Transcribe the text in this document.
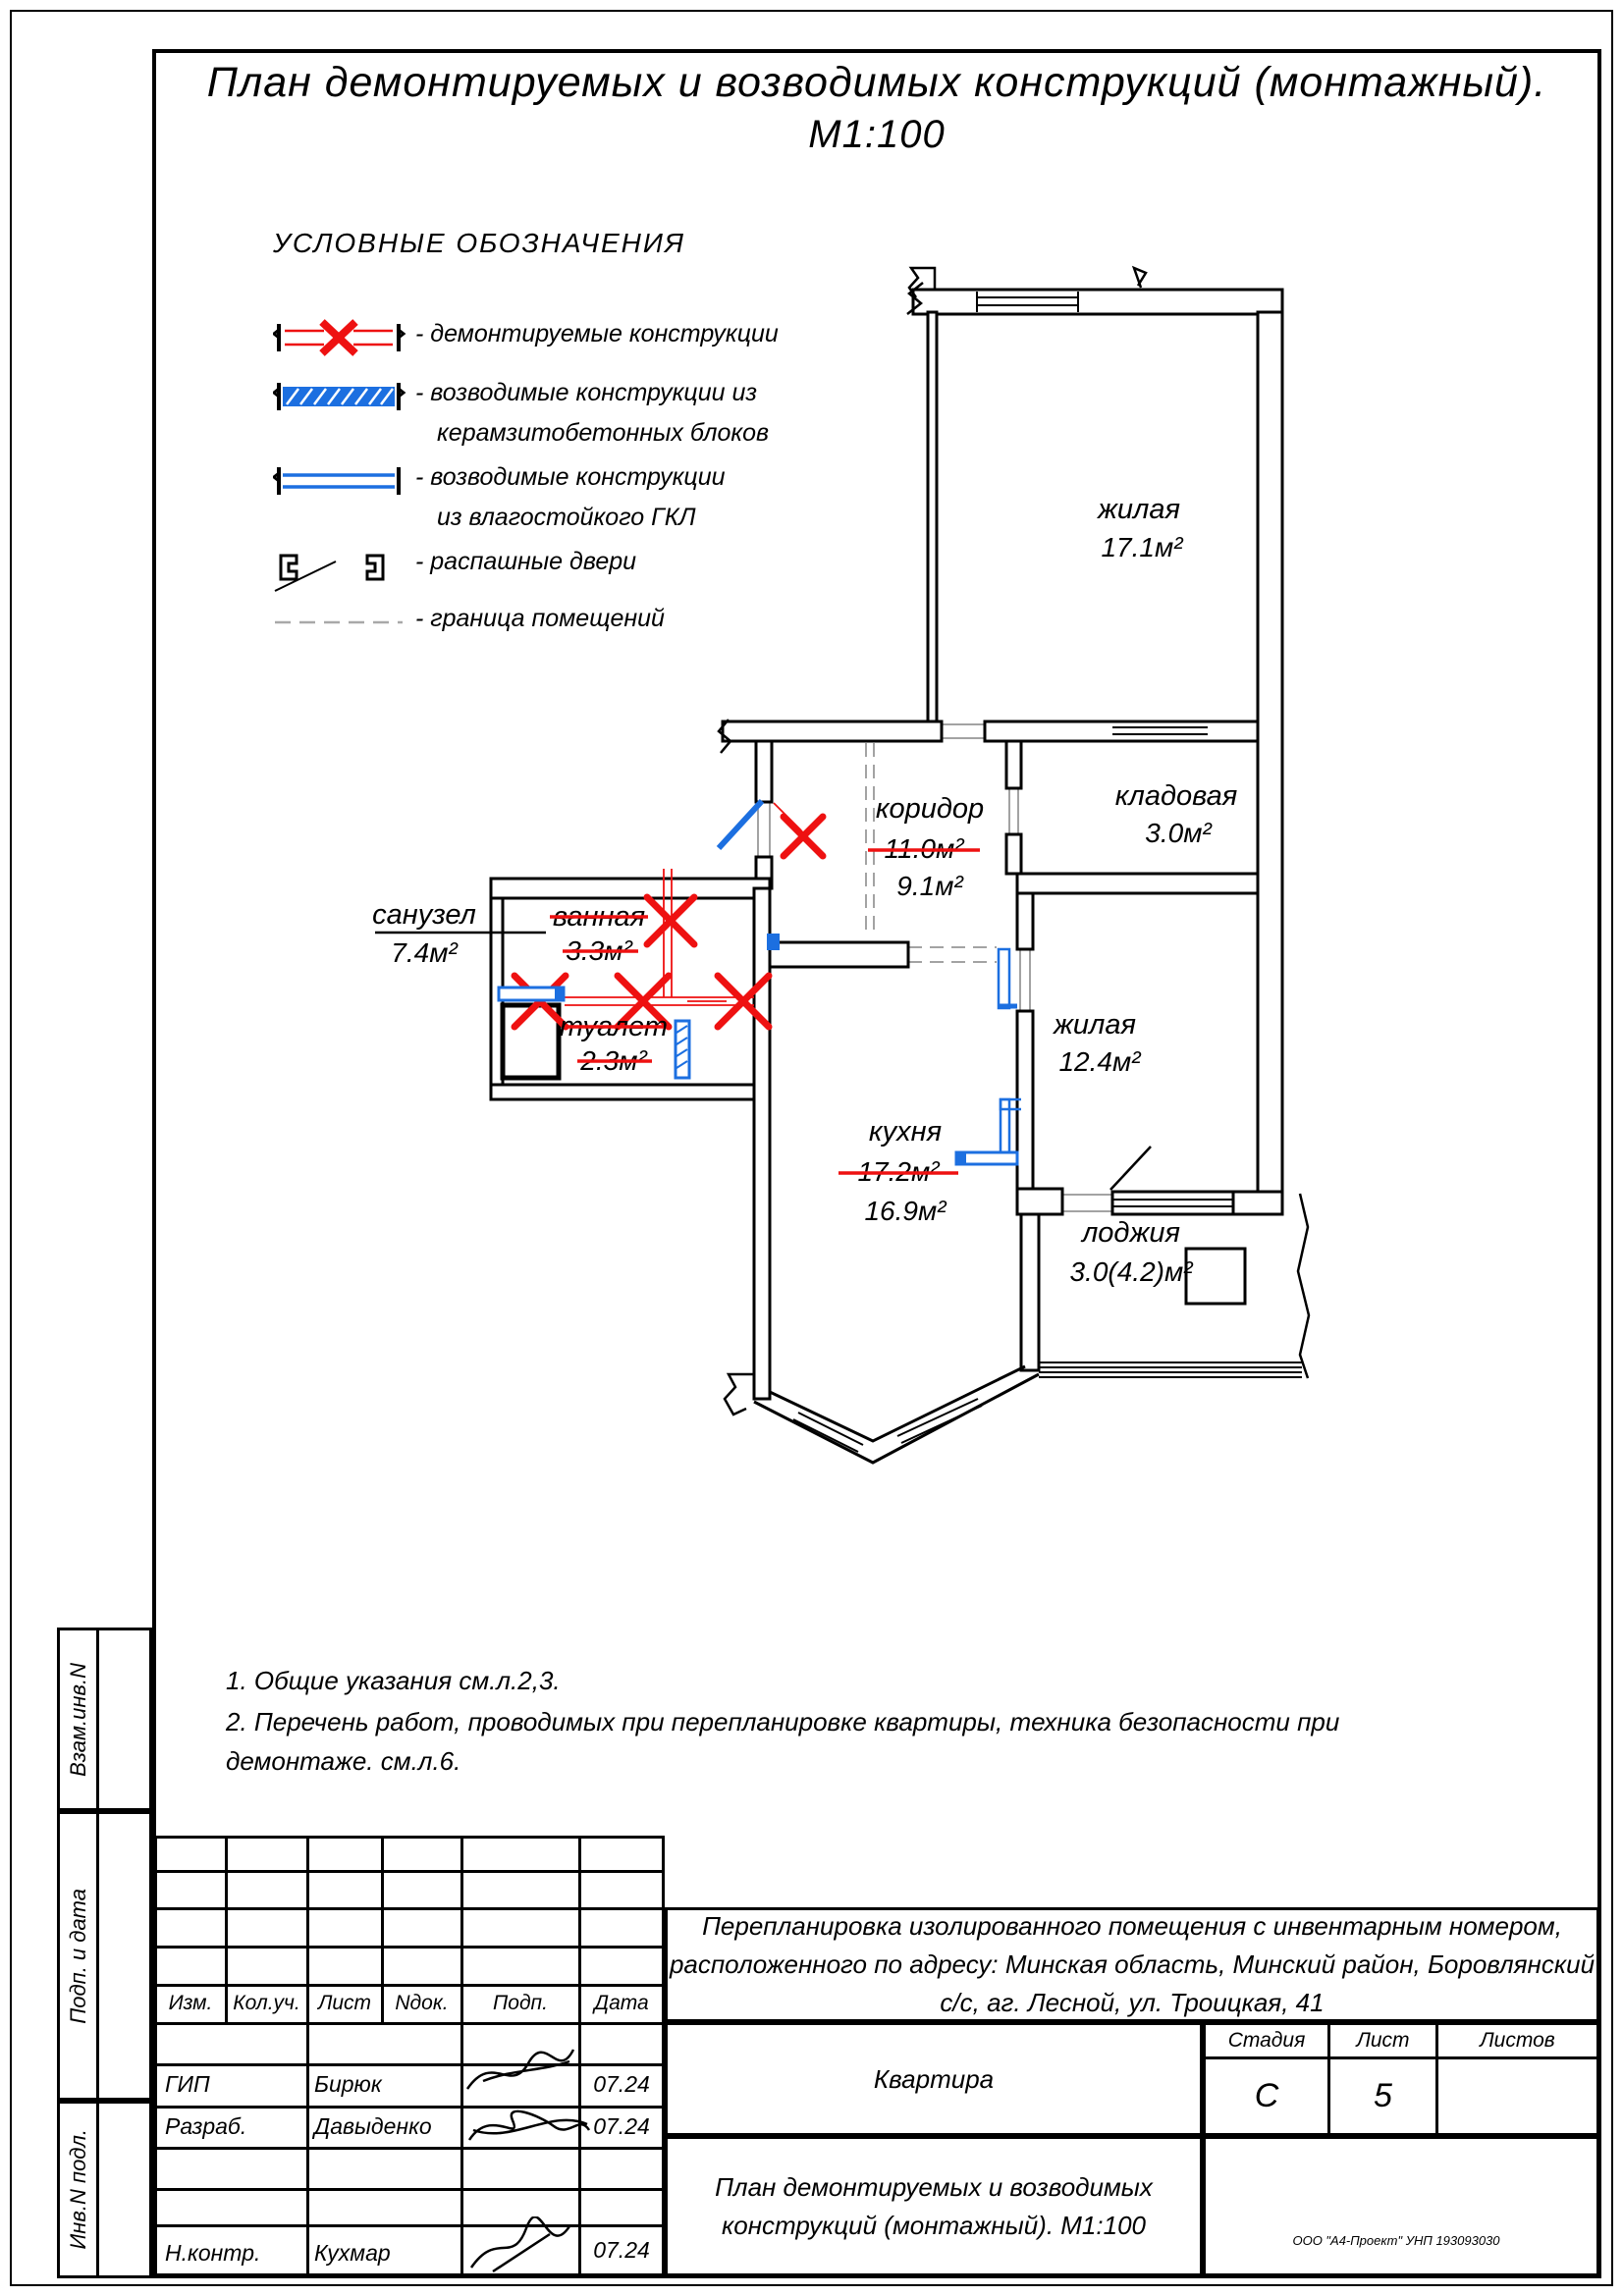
План демонтируемых и возводимых конструкций (монтажный).
М1:100
УСЛОВНЫЕ ОБОЗНАЧЕНИЯ
- демонтируемые конструкции
- возводимые конструкции из
керамзитобетонных блоков
- возводимые конструкции
из влагостойкого ГКЛ
- распашные двери
- граница помещений
жилая
17.1м²
кладовая
3.0м²
коридор
11.0м²
9.1м²
жилая
12.4м²
кухня
17.2м²
16.9м²
лоджия
3.0(4.2)м²
санузел
7.4м²
ванная
3.3м²
туалет
2.3м²
1. Общие указания см.л.2,3.
2. Перечень работ, проводимых при перепланировке квартиры, техника безопасности при демонтаже. см.л.6.
Взам.инв.N
Подп. и дата
Инв.N подл.
Изм. Кол.уч. Лист	Nдок.	Подп.	Дата
ГИП	Бирюк	07.24
Разраб.	Давыденко	07.24
Н.контр. Кухмар	07.24
Перепланировка изолированного помещения с инвентарным номером,
расположенного по адресу: Минская область, Минский район, Боровлянский
с/с, аг. Лесной, ул. Троицкая, 41
Квартира
Стадия	Лист	Листов
С	5
План демонтируемых и возводимых
конструкций (монтажный). М1:100
ООО "А4-Проект" УНП 193093030
